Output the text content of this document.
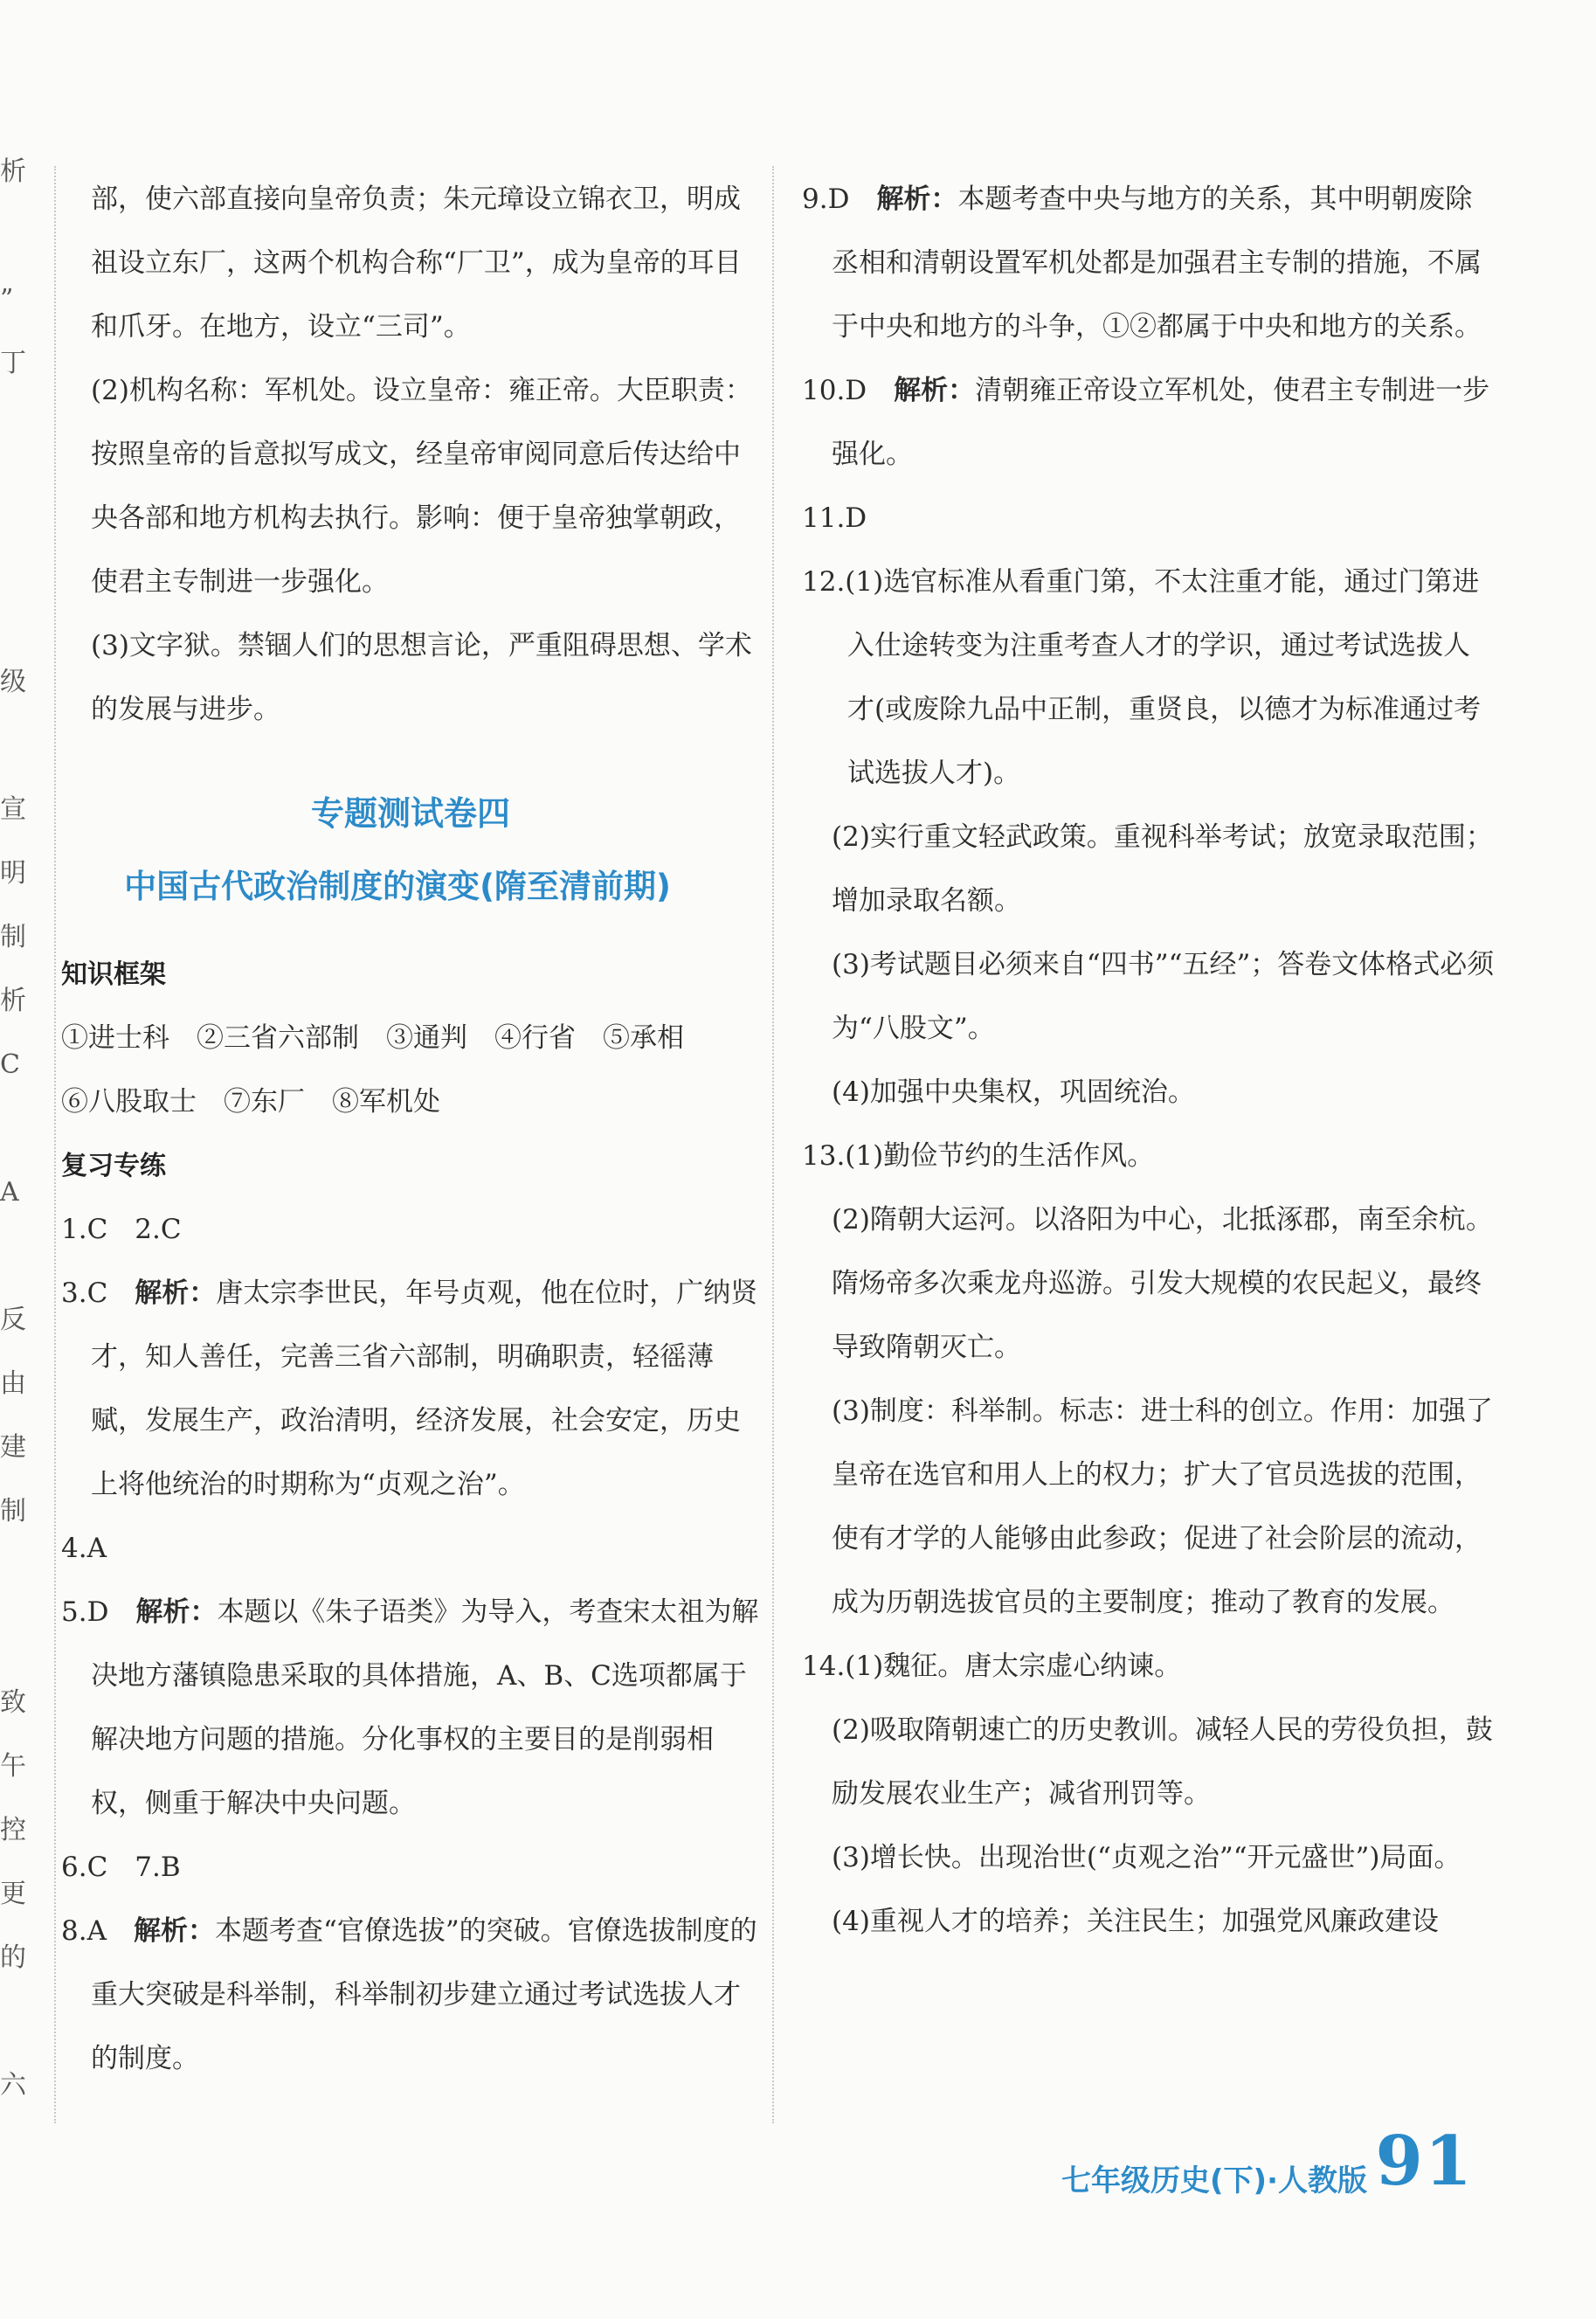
析
”
丁
级
宣
明
制
析
C
A
反
由
建
制
致
午
控
更
的
六

部，使六部直接向皇帝负责；朱元璋设立锦衣卫，明成祖设立东厂，这两个机构合称“厂卫”，成为皇帝的耳目和爪牙。在地方，设立“三司”。

(2)机构名称：军机处。设立皇帝：雍正帝。大臣职责：按照皇帝的旨意拟写成文，经皇帝审阅同意后传达给中央各部和地方机构去执行。影响：便于皇帝独掌朝政，使君主专制进一步强化。

(3)文字狱。禁锢人们的思想言论，严重阻碍思想、学术的发展与进步。

专题测试卷四

中国古代政治制度的演变(隋至清前期)

知识框架

①进士科　②三省六部制　③通判　④行省　⑤承相

⑥八股取士　⑦东厂　⑧军机处

复习专练

1.C　2.C

3.C　解析：唐太宗李世民，年号贞观，他在位时，广纳贤才，知人善任，完善三省六部制，明确职责，轻徭薄赋，发展生产，政治清明，经济发展，社会安定，历史上将他统治的时期称为“贞观之治”。

4.A

5.D　解析：本题以《朱子语类》为导入，考查宋太祖为解决地方藩镇隐患采取的具体措施，A、B、C选项都属于解决地方问题的措施。分化事权的主要目的是削弱相权，侧重于解决中央问题。

6.C　7.B

8.A　解析：本题考查“官僚选拔”的突破。官僚选拔制度的重大突破是科举制，科举制初步建立通过考试选拔人才的制度。

9.D　解析：本题考查中央与地方的关系，其中明朝废除丞相和清朝设置军机处都是加强君主专制的措施，不属于中央和地方的斗争，①②都属于中央和地方的关系。

10.D　解析：清朝雍正帝设立军机处，使君主专制进一步强化。

11.D

12.(1)选官标准从看重门第，不太注重才能，通过门第进入仕途转变为注重考查人才的学识，通过考试选拔人才(或废除九品中正制，重贤良，以德才为标准通过考试选拔人才)。

(2)实行重文轻武政策。重视科举考试；放宽录取范围；增加录取名额。

(3)考试题目必须来自“四书”“五经”；答卷文体格式必须为“八股文”。

(4)加强中央集权，巩固统治。

13.(1)勤俭节约的生活作风。

(2)隋朝大运河。以洛阳为中心，北抵涿郡，南至余杭。隋炀帝多次乘龙舟巡游。引发大规模的农民起义，最终导致隋朝灭亡。

(3)制度：科举制。标志：进士科的创立。作用：加强了皇帝在选官和用人上的权力；扩大了官员选拔的范围，使有才学的人能够由此参政；促进了社会阶层的流动，成为历朝选拔官员的主要制度；推动了教育的发展。

14.(1)魏征。唐太宗虚心纳谏。

(2)吸取隋朝速亡的历史教训。减轻人民的劳役负担，鼓励发展农业生产；减省刑罚等。

(3)增长快。出现治世(“贞观之治”“开元盛世”)局面。

(4)重视人才的培养；关注民生；加强党风廉政建设

七年级历史(下)·人教版 91
